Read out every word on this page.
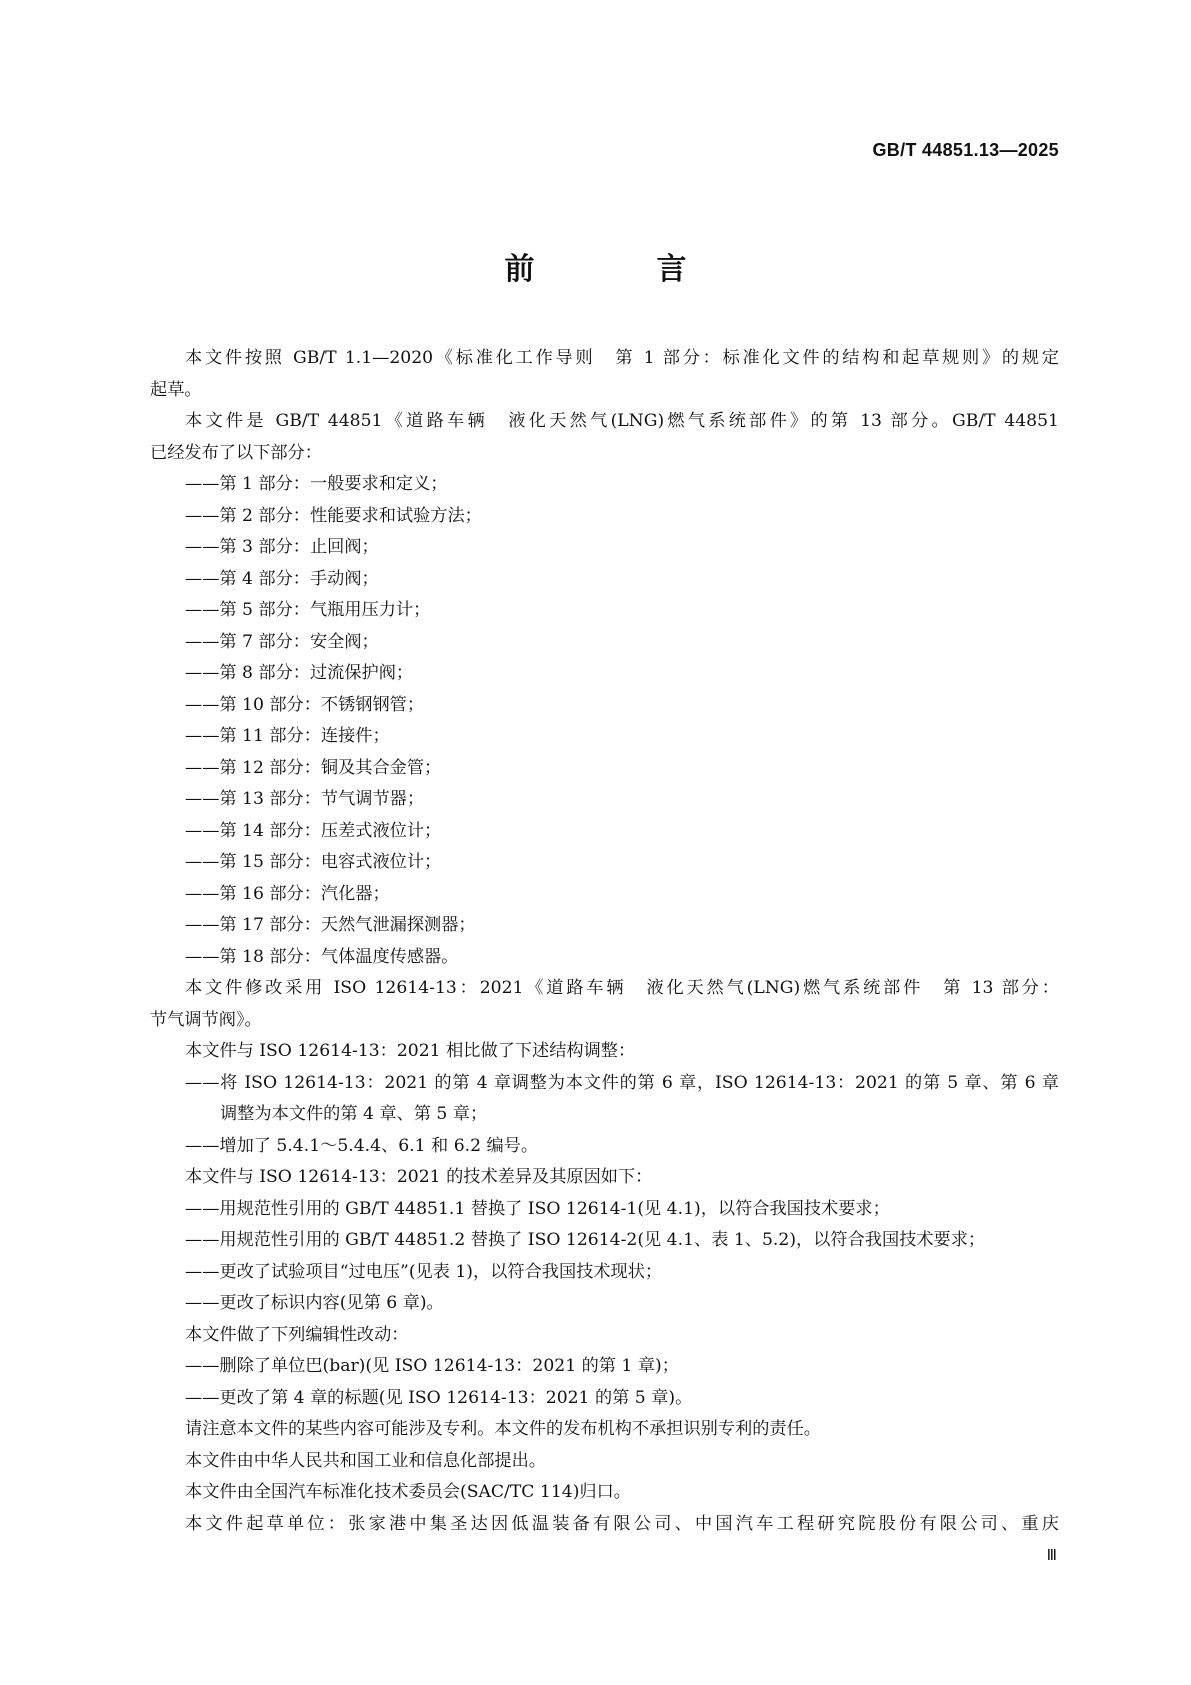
GB/T 44851.13—2025
前　言

本文件按照 GB/T 1.1—2020《标准化工作导则　第 1 部分：标准化文件的结构和起草规则》的规定

起草。

本文件是 GB/T 44851《道路车辆　液化天然气(LNG)燃气系统部件》的第 13 部分。GB/T 44851

已经发布了以下部分：

——第 1 部分：一般要求和定义；

——第 2 部分：性能要求和试验方法；

——第 3 部分：止回阀；

——第 4 部分：手动阀；

——第 5 部分：气瓶用压力计；

——第 7 部分：安全阀；

——第 8 部分：过流保护阀；

——第 10 部分：不锈钢钢管；

——第 11 部分：连接件；

——第 12 部分：铜及其合金管；

——第 13 部分：节气调节器；

——第 14 部分：压差式液位计；

——第 15 部分：电容式液位计；

——第 16 部分：汽化器；

——第 17 部分：天然气泄漏探测器；

——第 18 部分：气体温度传感器。

本文件修改采用 ISO 12614-13：2021《道路车辆　液化天然气(LNG)燃气系统部件　第 13 部分：

节气调节阀》。

本文件与 ISO 12614-13：2021 相比做了下述结构调整：

——将 ISO 12614-13：2021 的第 4 章调整为本文件的第 6 章，ISO 12614-13：2021 的第 5 章、第 6 章

调整为本文件的第 4 章、第 5 章；

——增加了 5.4.1～5.4.4、6.1 和 6.2 编号。

本文件与 ISO 12614-13：2021 的技术差异及其原因如下：

——用规范性引用的 GB/T 44851.1 替换了 ISO 12614-1(见 4.1)，以符合我国技术要求；

——用规范性引用的 GB/T 44851.2 替换了 ISO 12614-2(见 4.1、表 1、5.2)，以符合我国技术要求；

——更改了试验项目“过电压”(见表 1)，以符合我国技术现状；

——更改了标识内容(见第 6 章)。

本文件做了下列编辑性改动：

——删除了单位巴(bar)(见 ISO 12614-13：2021 的第 1 章)；

——更改了第 4 章的标题(见 ISO 12614-13：2021 的第 5 章)。

请注意本文件的某些内容可能涉及专利。本文件的发布机构不承担识别专利的责任。

本文件由中华人民共和国工业和信息化部提出。

本文件由全国汽车标准化技术委员会(SAC/TC 114)归口。

本文件起草单位：张家港中集圣达因低温装备有限公司、中国汽车工程研究院股份有限公司、重庆

Ⅲ
